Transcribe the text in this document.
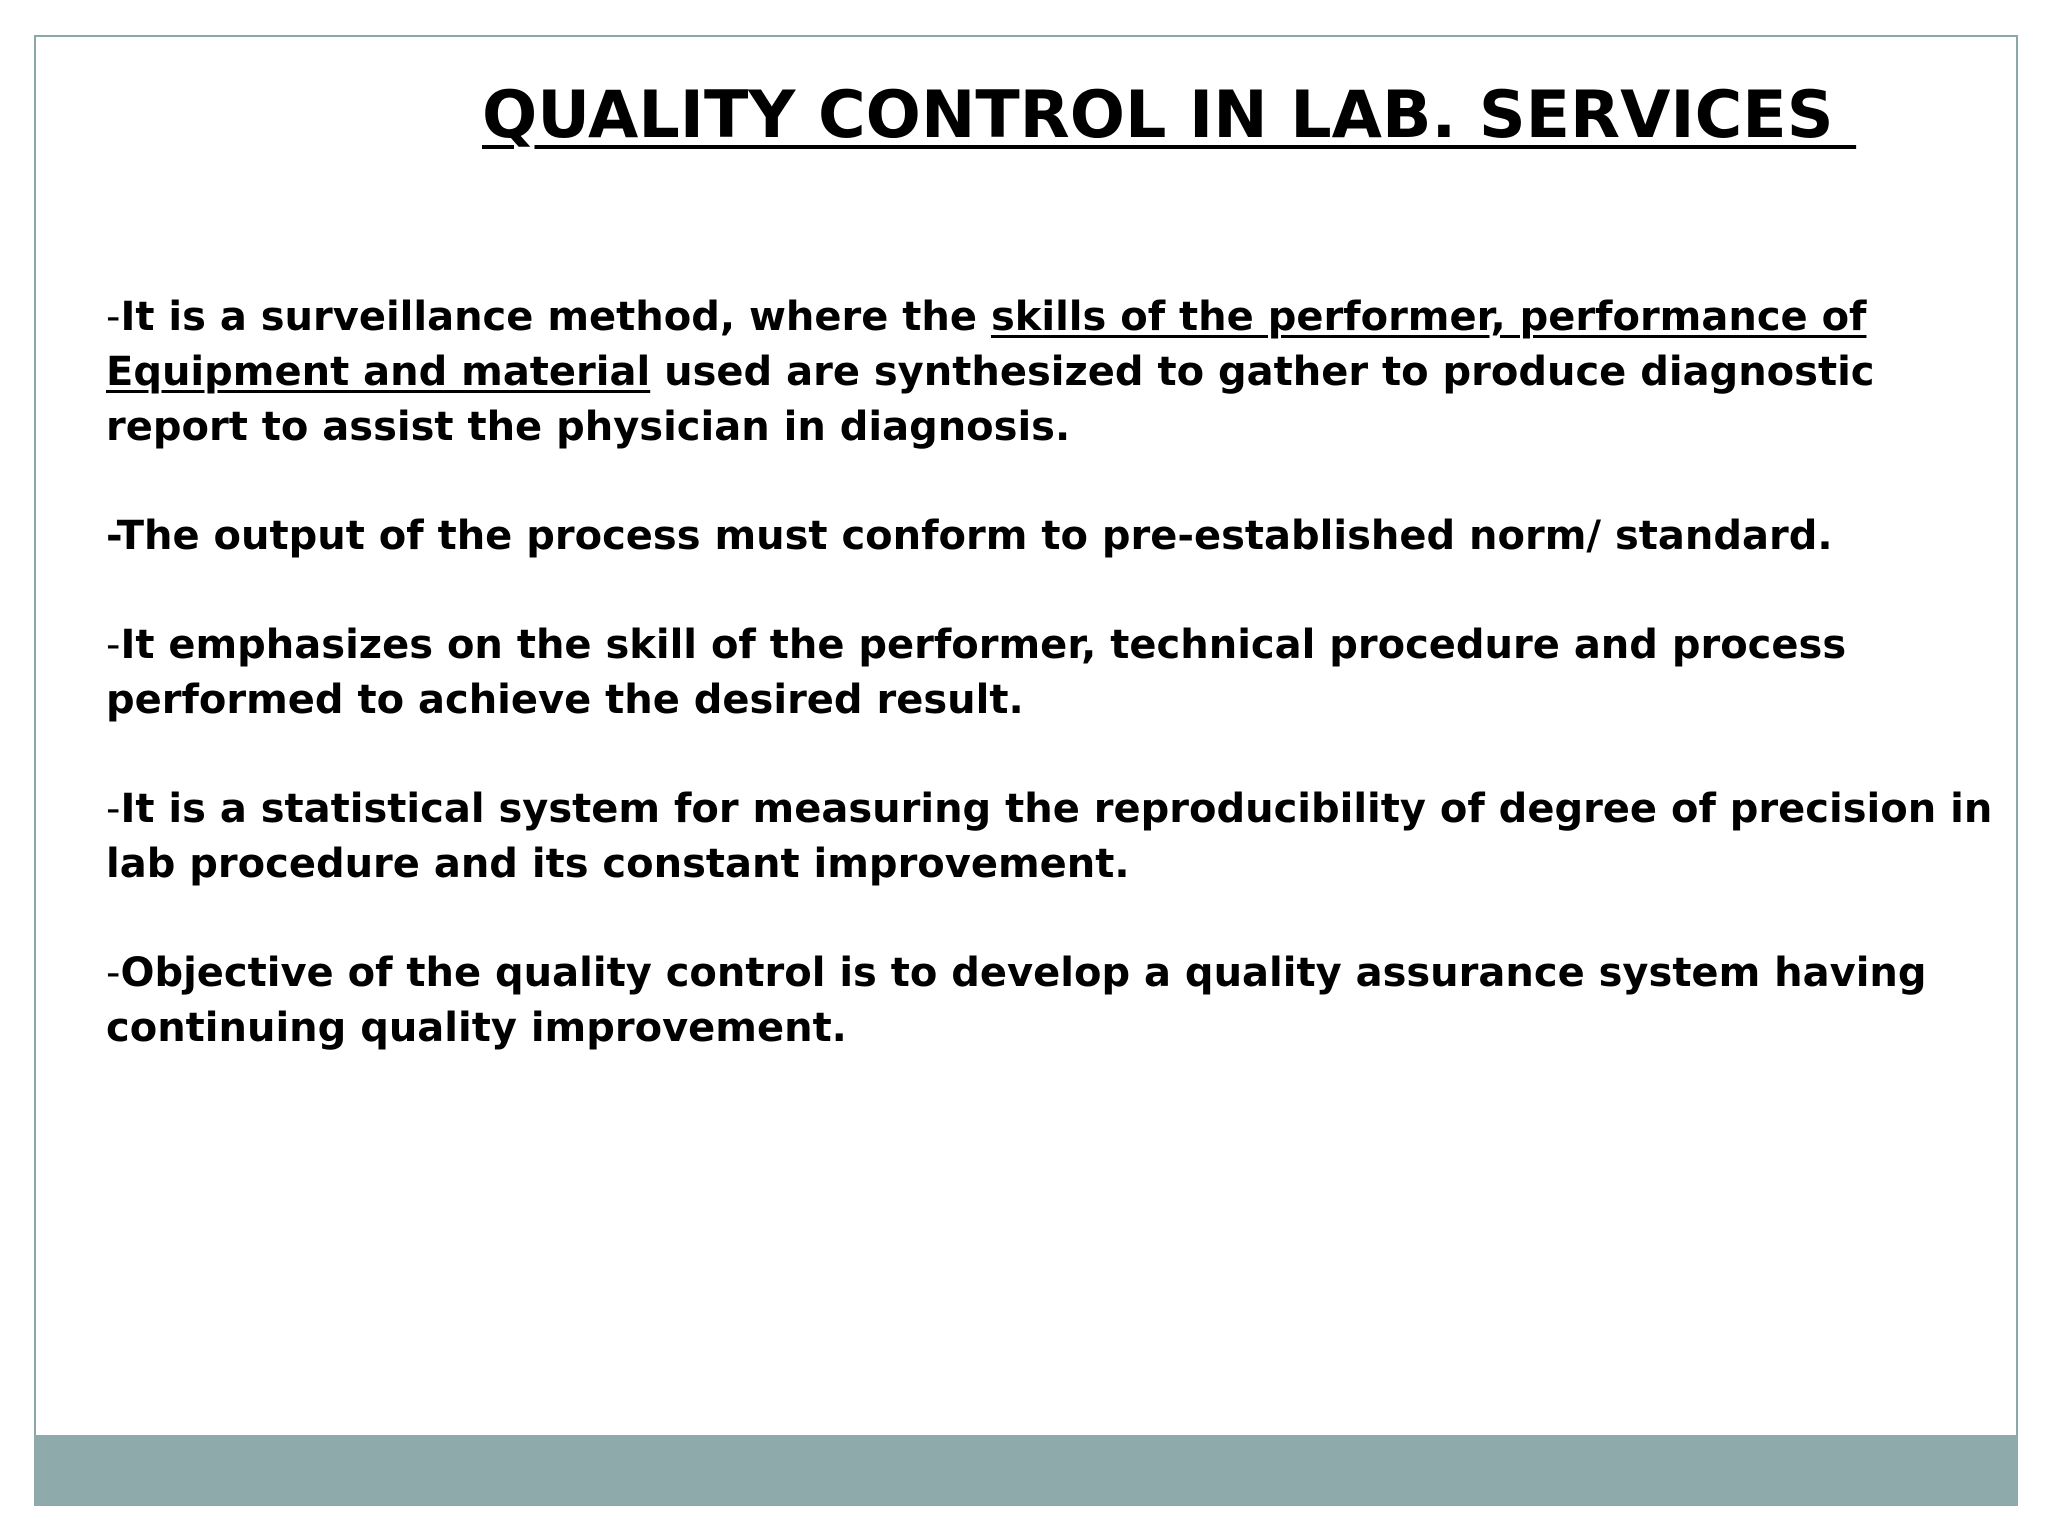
QUALITY CONTROL IN LAB. SERVICES

-It is a surveillance method, where the skills of the performer, performance of
Equipment and material used are synthesized to gather to produce diagnostic report to assist the physician in diagnosis.

-The output of the process must conform to pre-established norm/ standard.

-It emphasizes on the skill of the performer, technical procedure and process performed to achieve the desired result.

-It is a statistical system for measuring the reproducibility of degree of precision in lab procedure and its constant improvement.

-Objective of the quality control is to develop a quality assurance system having continuing quality improvement.
